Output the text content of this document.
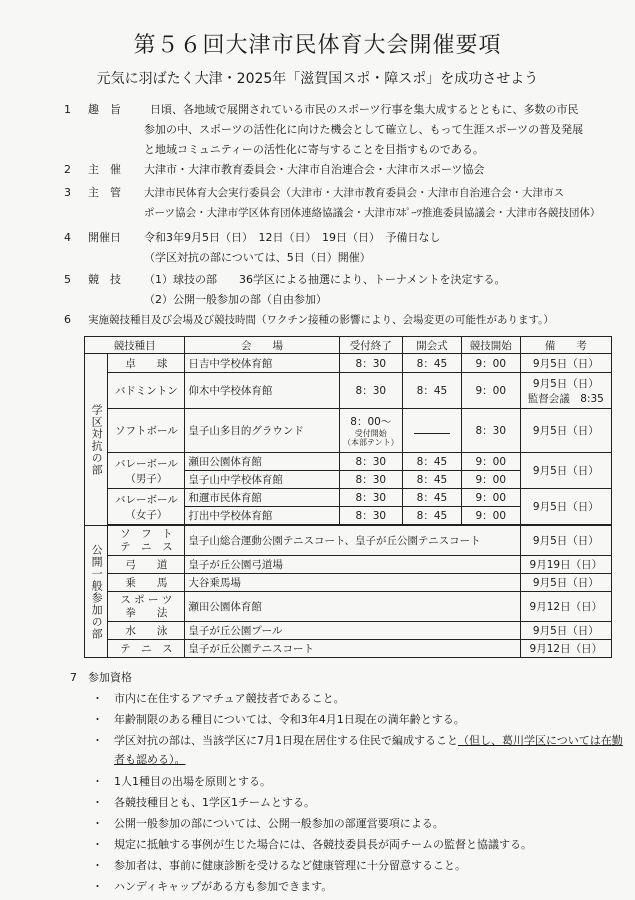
第５６回大津市民体育大会開催要項
元気に羽ばたく大津・2025年「滋賀国スポ・障スポ」を成功させよう
1	趣　旨	日頃、各地域で展開されている市民のスポーツ行事を集大成するとともに、多数の市民
参加の中、スポーツの活性化に向けた機会として確立し、もって生涯スポーツの普及発展
と地域コミュニティーの活性化に寄与することを目指すものである。
2	主　催 大津市・大津市教育委員会・大津市自治連合会・大津市スポーツ協会
3	主　管 大津市民体育大会実行委員会（大津市・大津市教育委員会・大津市自治連合会・大津市ス
ポーツ協会・大津市学区体育団体連絡協議会・大津市ｽﾎﾟｰﾂ推進委員協議会・大津市各競技団体）
4	開催日 令和3年9月5日（日）　12日（日）　19日（日）　予備日なし
（学区対抗の部については、5日（日）開催）
5	競　技 （1）球技の部　　36学区による抽選により、トーナメントを決定する。
（2）公開一般参加の部（自由参加）
6	実施競技種目及び会場及び競技時間（ワクチン接種の影響により、会場変更の可能性があります。）
競技種目		会　　場	受付終了	開会式	競技開始	備　　考
学区対抗の部	卓　　球	日吉中学校体育館	8：30	8：45	9：00	9月5日（日）
	バドミントン	仰木中学校体育館	8：30	8：45	9：00	9月5日（日）
監督会議　8:35

	ソフトボール	皇子山多目的グラウンド	8：00～
受付開始
（本部テント）		8：30	9月5日（日）

	バレーボール
（男子）	瀬田公園体育館	8：30	8：45	9：00	9月5日（日）
		皇子山中学校体育館	8：30	8：45	9：00	

	バレーボール
（女子）	和邇市民体育館	8：30	8：45	9：00	9月5日（日）
		打出中学校体育館	8：30	8：45	9：00	

公開一般参加の部	ソ　フ　ト
テ　ニ　ス	皇子山総合運動公園テニスコート、皇子が丘公園テニスコート				9月5日（日）
	弓　　道	皇子が丘公園弓道場				9月19日（日）
	乗　　馬	大谷乗馬場				9月5日（日）

	ス ポ ー ツ
拳　　法	瀬田公園体育館				9月12日（日）
	水　　泳	皇子が丘公園プール				9月5日（日）
	テ　ニ　ス	皇子が丘公園テニスコート				9月12日（日）
7	参加資格
・ 市内に在住するアマチュア競技者であること。
・ 年齢制限のある種目については、令和3年4月1日現在の満年齢とする。
・ 学区対抗の部は、当該学区に7月1日現在居住する住民で編成すること（但し、葛川学区については在勤
者も認める）。
・ 1人1種目の出場を原則とする。
・ 各競技種目とも、1学区1チームとする。
・ 公開一般参加の部については、公開一般参加の部運営要項による。
・ 規定に抵触する事例が生じた場合には、各競技委員長が両チームの監督と協議する。
・ 参加者は、事前に健康診断を受けるなど健康管理に十分留意すること。
・ ハンディキャップがある方も参加できます。
